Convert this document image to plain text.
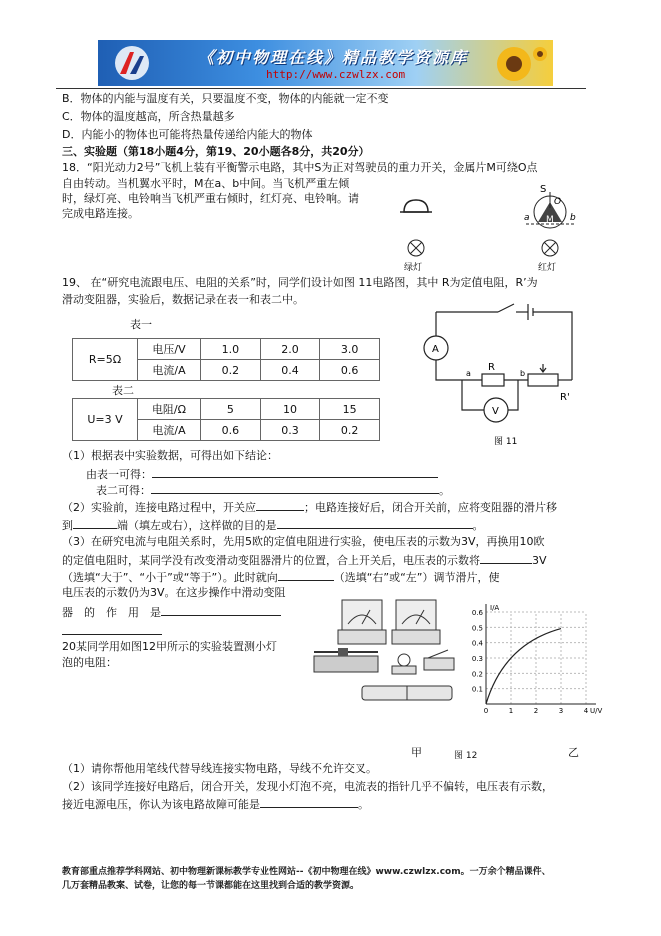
《初中物理在线》精品教学资源库
http://www.czwlzx.com
B．物体的内能与温度有关，只要温度不变，物体的内能就一定不变
C．物体的温度越高，所含热量越多
D．内能小的物体也可能将热量传递给内能大的物体
三、实验题（第18小题4分，第19、20小题各8分，共20分）
18．“阳光动力2号”飞机上装有平衡警示电路，其中S为正对驾驶员的重力开关，金属片M可绕O点
自由转动。当机翼水平时，M在a、b中间。当飞机严重左倾
时，绿灯亮、电铃响当飞机严重右倾时，红灯亮、电铃响。请
完成电路连接。
S
O
M
a	b
绿灯	红灯
19、 在“研究电流跟电压、电阻的关系”时，同学们设计如图 11电路图，其中 R为定值电阻，R’为
滑动变阻器，实验后，数据记录在表一和表二中。
表一
R=5Ω	电压/V	1.0	2.0	3.0
	电流/A	0.2	0.4	0.6
表二
U=3 V	电阻/Ω	5	10	15
	电流/A	0.6	0.3	0.2
A
V
R
R'
a	b
图 11
（1）根据表中实验数据，可得出如下结论：
由表一可得：
表二可得：	。
（2）实验前，连接电路过程中，开关应	；电路连接好后，闭合开关前，应将变阻器的滑片移
到	端（填左或右），这样做的目的是	。
（3）在研究电流与电阻关系时，先用5欧的定值电阻进行实验，使电压表的示数为3V，再换用10欧
的定值电阻时，某同学没有改变滑动变阻器滑片的位置，合上开关后，电压表的示数将	3V
（选填“大于”、“小于”或“等于”）。此时就向	（选填“右”或“左”）调节滑片，使
电压表的示数仍为3V。在这步操作中滑动变阻
器　的　作　用　是
20某同学用如图12甲所示的实验装置测小灯
泡的电阻：
0.1
0.2
0.3
0.4
0.5
0.6
0	1	2	3	4
I/A
U/V
甲	图 12	乙
（1）请你帮他用笔线代替导线连接实物电路，导线不允许交叉。
（2）该同学连接好电路后，闭合开关，发现小灯泡不亮，电流表的指针几乎不偏转，电压表有示数，
接近电源电压，你认为该电路故障可能是	。
教育部重点推荐学科网站、初中物理新课标教学专业性网站--《初中物理在线》www.czwlzx.com。一万余个精品课件、
几万套精品教案、试卷，让您的每一节课都能在这里找到合适的教学资源。
